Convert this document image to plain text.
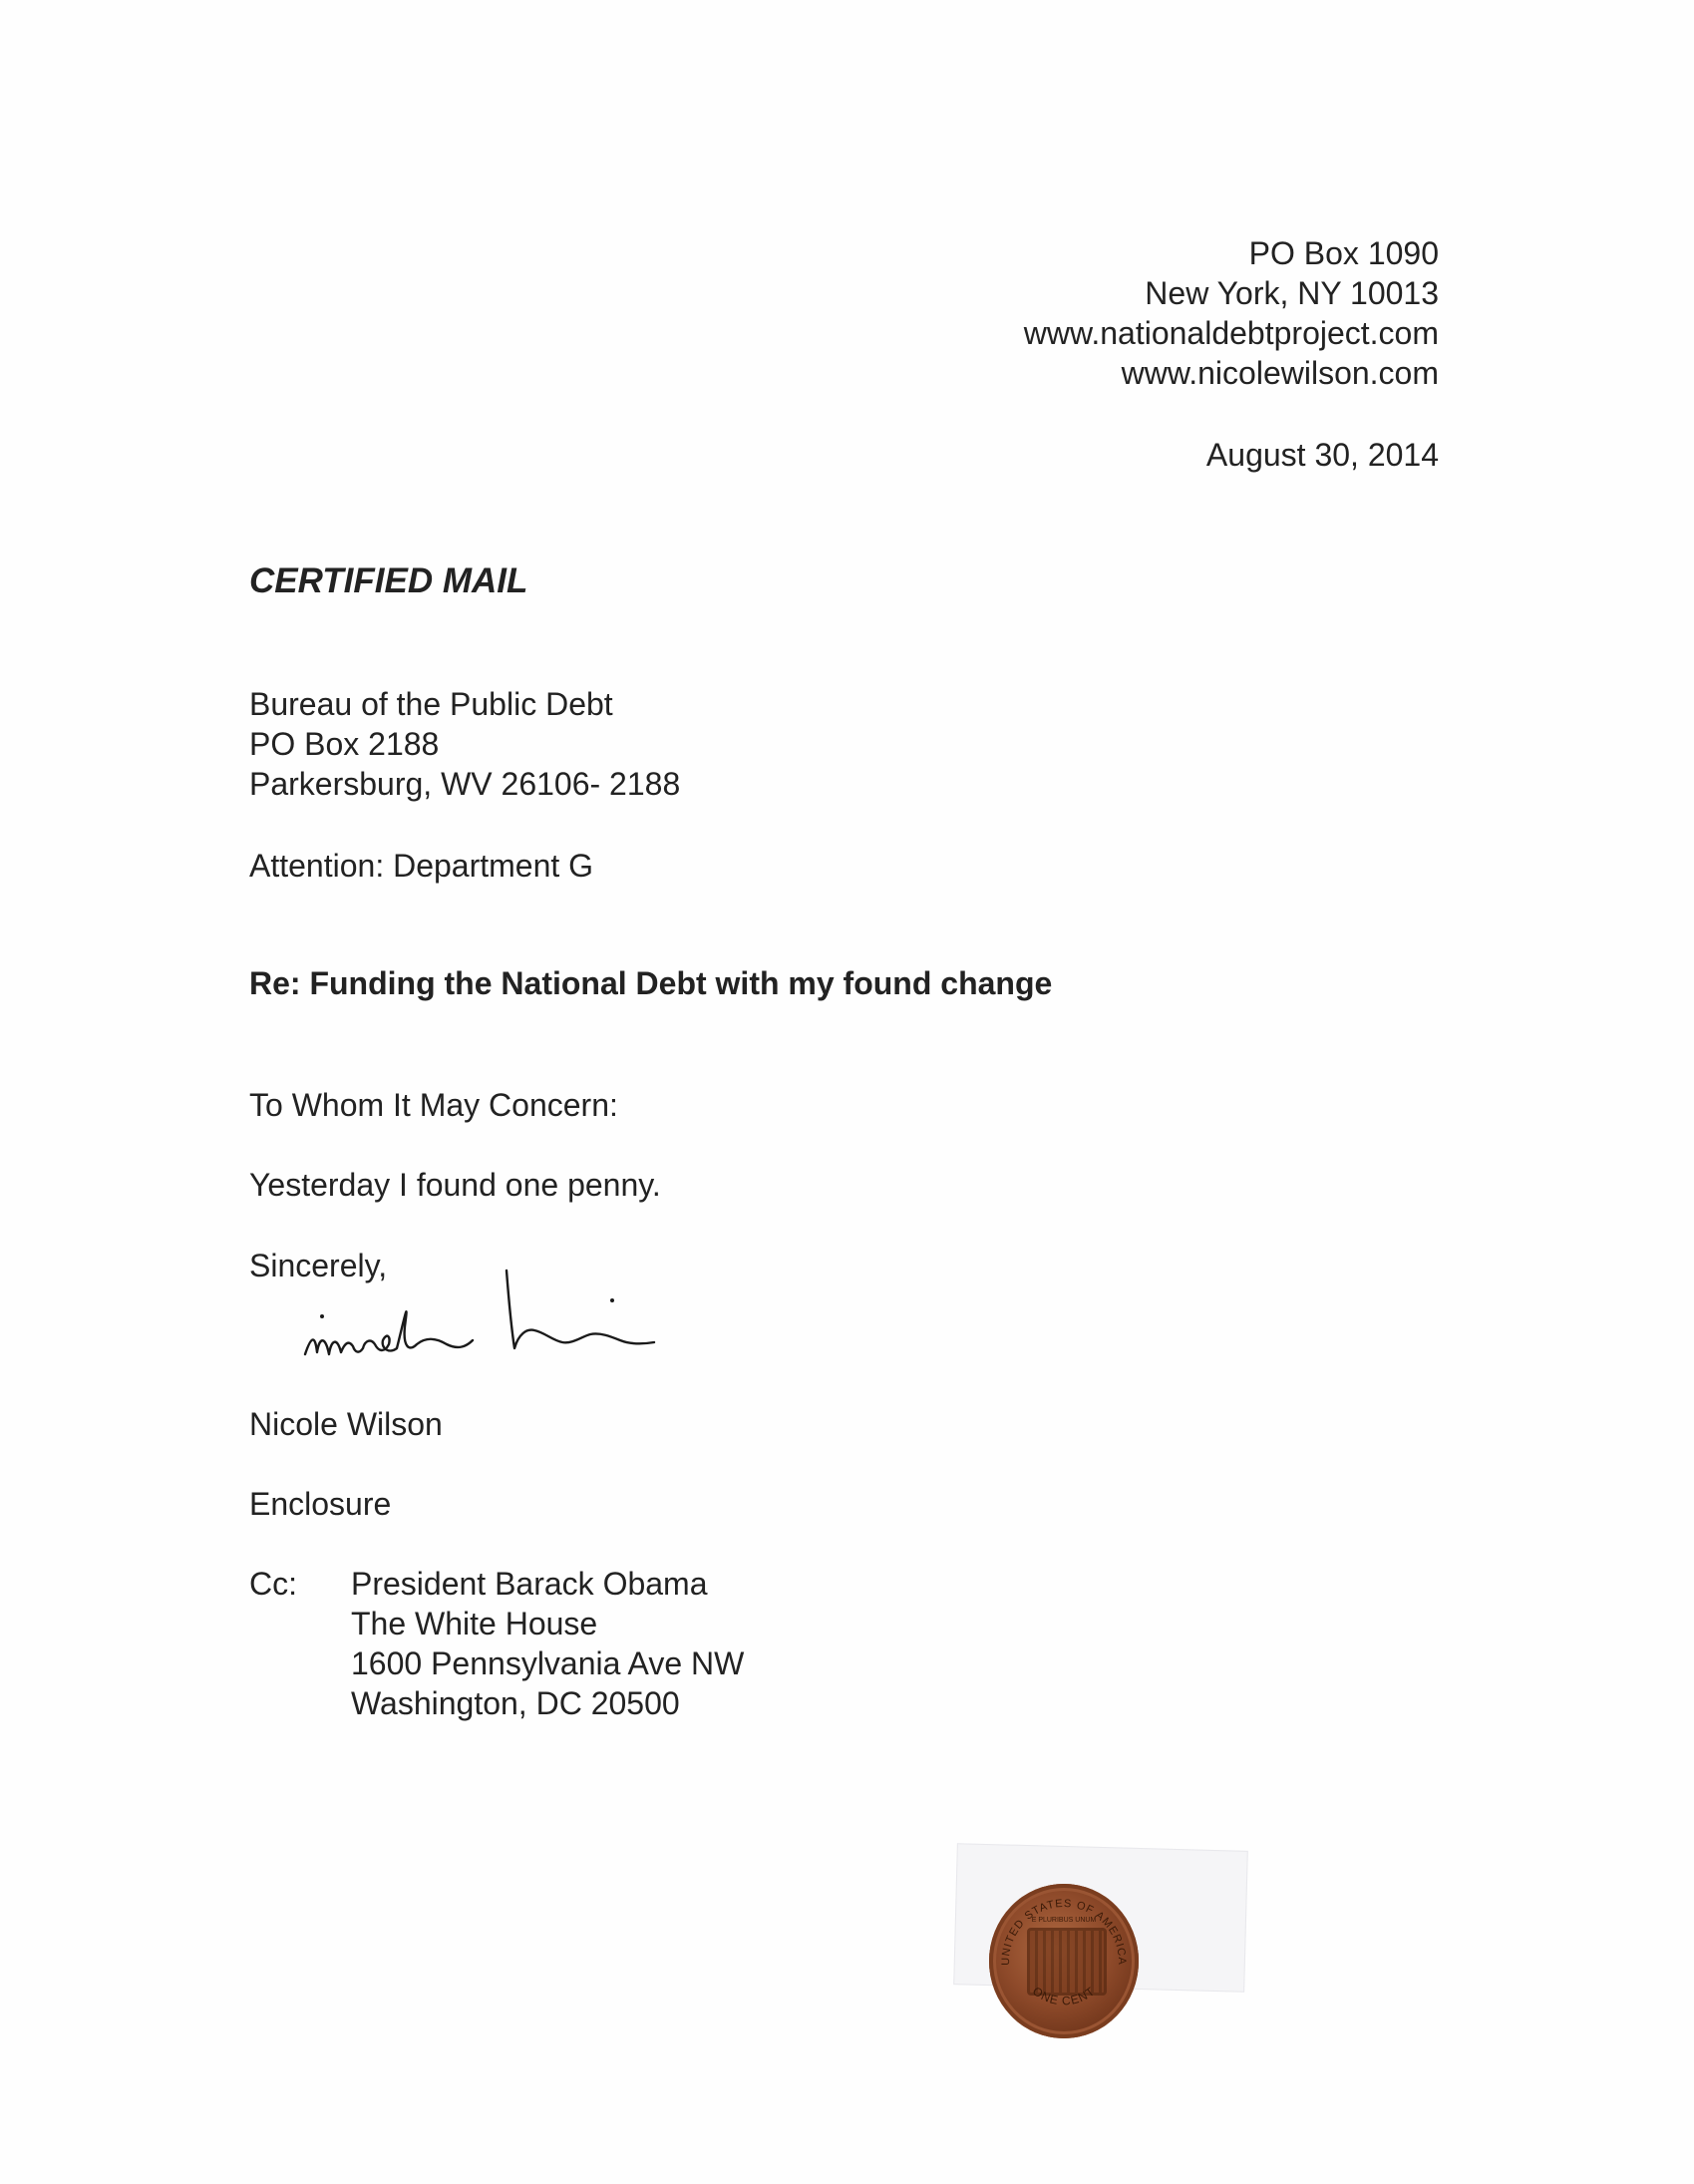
PO Box 1090
New York, NY 10013
www.nationaldebtproject.com
www.nicolewilson.com
August 30, 2014
CERTIFIED MAIL
Bureau of the Public Debt
PO Box 2188
Parkersburg, WV 26106- 2188
Attention: Department G
Re: Funding the National Debt with my found change
To Whom It May Concern:
Yesterday I found one penny.
Sincerely,
Nicole Wilson
Enclosure
Cc: President Barack Obama
The White House
1600 Pennsylvania Ave NW
Washington, DC 20500
UNITED STATES OF AMERICA
ONE CENT
E PLURIBUS UNUM
